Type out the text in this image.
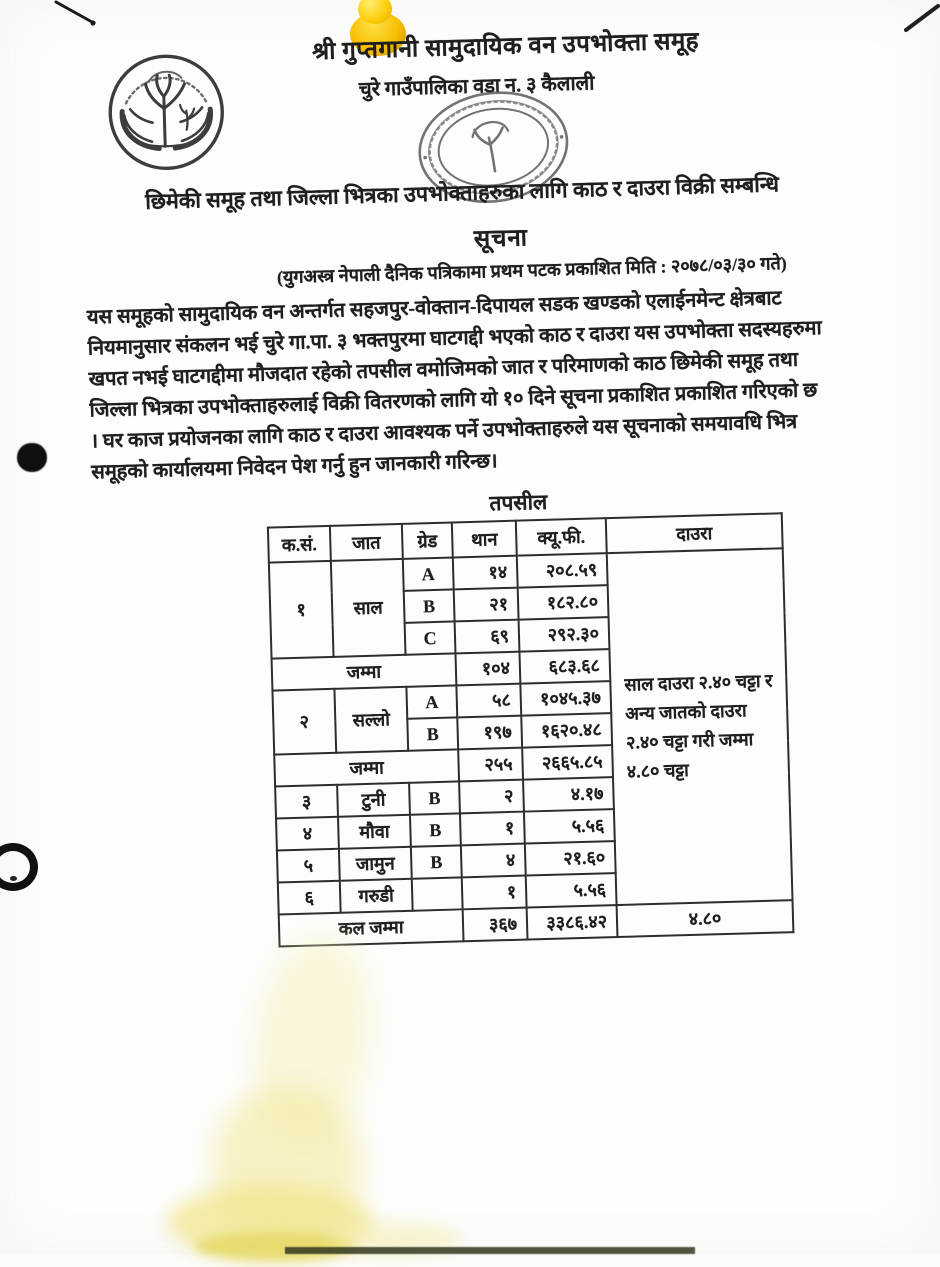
श्री गुप्तगानी सामुदायिक वन उपभोक्ता समूह
चुरे गाउँपालिका वडा न. ३ कैलाली
छिमेकी समूह तथा जिल्ला भित्रका उपभोक्ताहरुका लागि काठ र दाउरा विक्री सम्बन्धि
सूचना
(युगअस्त्र नेपाली दैनिक पत्रिकामा प्रथम पटक प्रकाशित मिति : २०७८/०३/३० गते)
यस समूहको सामुदायिक वन अन्तर्गत सहजपुर-वोक्तान-दिपायल सडक खण्डको एलाईनमेन्ट क्षेत्रबाट
नियमानुसार संकलन भई चुरे गा.पा. ३ भक्तपुरमा घाटगद्दी भएको काठ र दाउरा यस उपभोक्ता सदस्यहरुमा
खपत नभई घाटगद्दीमा मौजदात रहेको तपसील वमोजिमको जात र परिमाणको काठ छिमेकी समूह तथा
जिल्ला भित्रका उपभोक्ताहरुलाई विक्री वितरणको लागि यो १० दिने सूचना प्रकाशित प्रकाशित गरिएको छ
। घर काज प्रयोजनका लागि काठ र दाउरा आवश्यक पर्ने उपभोक्ताहरुले यस सूचनाको समयावधि भित्र
समूहको कार्यालयमा निवेदन पेश गर्नु हुन जानकारी गरिन्छ।
तपसील
क.सं.	जात	ग्रेड	थान	क्यू.फी.	दाउरा
१	साल	A	१४	२०८.५९	साल दाउरा २.४० चट्टा र अन्य जातको दाउरा २.४० चट्टा गरी जम्मा ४.८० चट्टा
		B	२१	१८२.८०	
		C	६९	२९२.३०	
जम्मा			१०४	६८३.६८	
२	सल्लो	A	५८	१०४५.३७	
		B	१९७	१६२०.४८	
जम्मा			२५५	२६६५.८५	
३	टुनी	B	२	४.१७	
४	मौवा	B	१	५.५६	
५	जामुन	B	४	२१.६०	
६	गरुडी		१	५.५६	
कल जम्मा			३६७	३३८६.४२	४.८०
